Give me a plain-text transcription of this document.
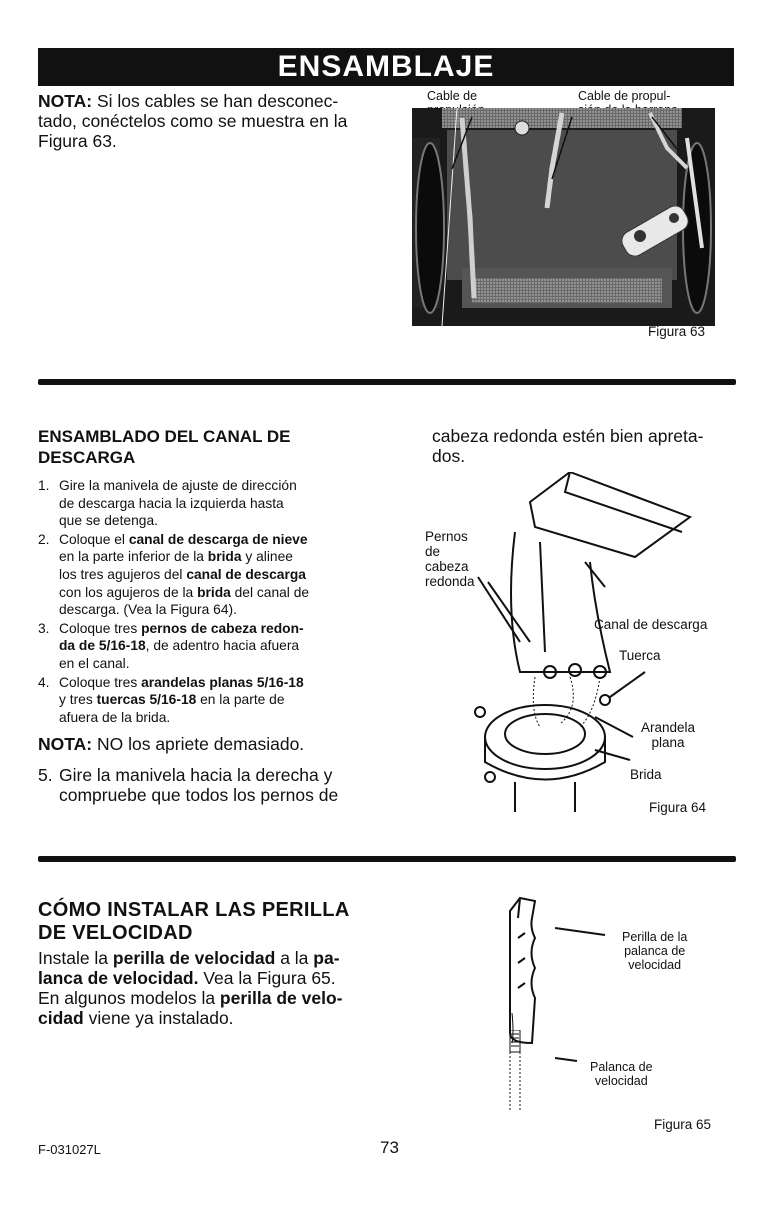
ENSAMBLAJE
NOTA: Si los cables se han desconec-
tado, conéctelos como se muestra en la
Figura 63.
Cable de	Cable de propul-
Figura 63
ENSAMBLADO DEL CANAL DE
DESCARGA
1. Gire la manivela de ajuste de dirección
de descarga hacia la izquierda hasta
que se detenga.
2. Coloque el canal de descarga de nieve
en la parte inferior de la brida y alinee
los tres agujeros del canal de descarga
con los agujeros de la brida del canal de
descarga. (Vea la Figura 64).
3. Coloque tres pernos de cabeza redon-
da de 5/16-18, de adentro hacia afuera
en el canal.
4. Coloque tres arandelas planas 5/16-18
y tres tuercas 5/16-18 en la parte de
afuera de la brida.
NOTA: NO los apriete demasiado.
5. Gire la manivela hacia la derecha y
compruebe que todos los pernos de
cabeza redonda estén bien apreta-
dos.
Pernos
de
cabeza
redonda
Canal de descarga
Tuerca
Arandela
plana
Brida
Figura 64
CÓMO INSTALAR LAS PERILLA
DE VELOCIDAD
Instale la perilla de velocidad a la pa-
lanca de velocidad. Vea la Figura 65.
En algunos modelos la perilla de velo-
cidad viene ya instalado.
Perilla de la
palanca de
velocidad
Palanca de
velocidad
Figura 65
F-031027L	73
